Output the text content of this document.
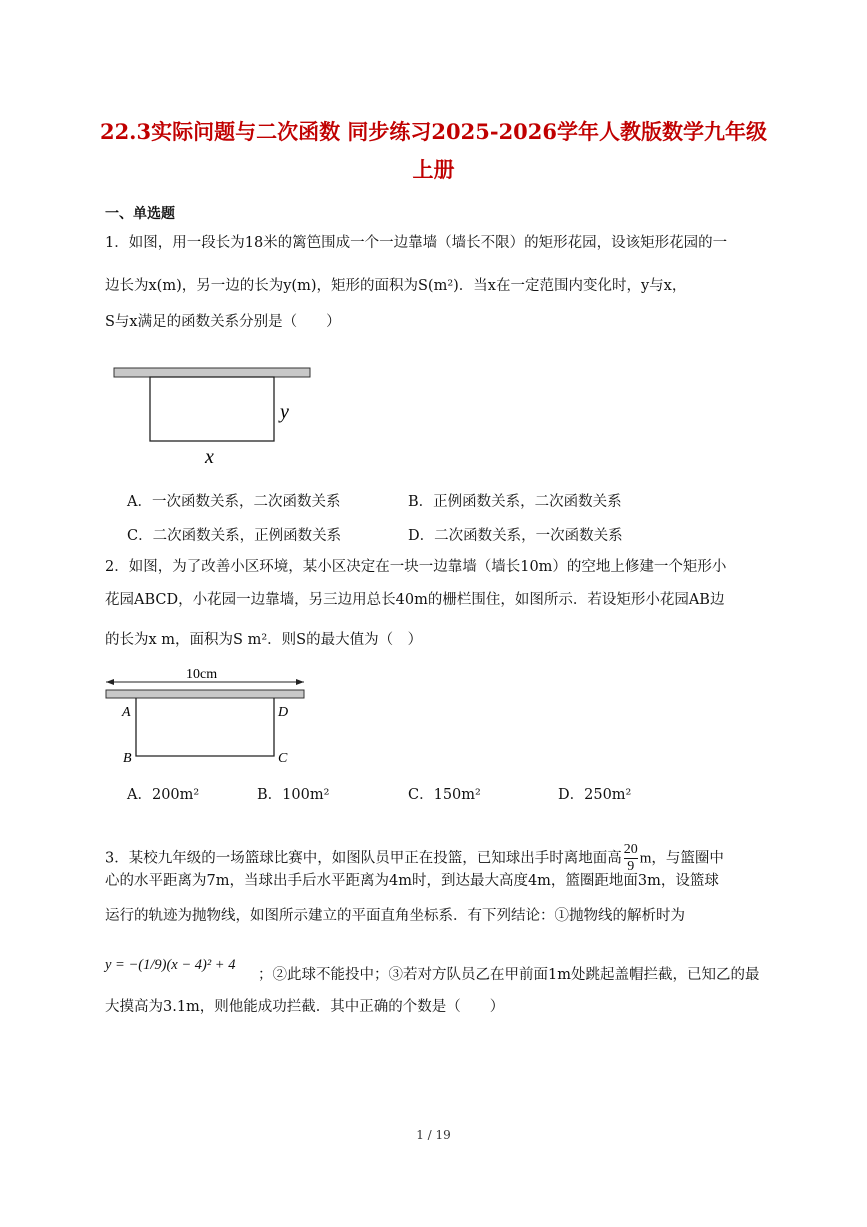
22.3实际问题与二次函数 同步练习2025-2026学年人教版数学九年级
上册
一、单选题
1．如图，用一段长为18米的篱笆围成一个一边靠墙（墙长不限）的矩形花园，设该矩形花园的一
边长为x(m)，另一边的长为y(m)，矩形的面积为S(m²)．当x在一定范围内变化时，y与x，
S与x满足的函数关系分别是（　　）
y
x
A．一次函数关系，二次函数关系	B．正例函数关系，二次函数关系
C．二次函数关系，正例函数关系	D．二次函数关系，一次函数关系
2．如图，为了改善小区环境，某小区决定在一块一边靠墙（墙长10m）的空地上修建一个矩形小
花园ABCD，小花园一边靠墙，另三边用总长40m的栅栏围住，如图所示．若设矩形小花园AB边
的长为x m，面积为S m²．则S的最大值为（　）
10cm
A	D
B	C
A．200m²	B．100m²	C．150m²	D．250m²
3．某校九年级的一场篮球比赛中，如图队员甲正在投篮，已知球出手时离地面高 $\frac{20}{9}$ m，与篮圈中
心的水平距离为7m，当球出手后水平距离为4m时，到达最大高度4m，篮圈距地面3m，设篮球
运行的轨迹为抛物线，如图所示建立的平面直角坐标系．有下列结论：①抛物线的解析时为
y = −(1/9)(x − 4)² + 4
；②此球不能投中；③若对方队员乙在甲前面1m处跳起盖帽拦截，已知乙的最
大摸高为3.1m，则他能成功拦截．其中正确的个数是（　　）
1 / 19
